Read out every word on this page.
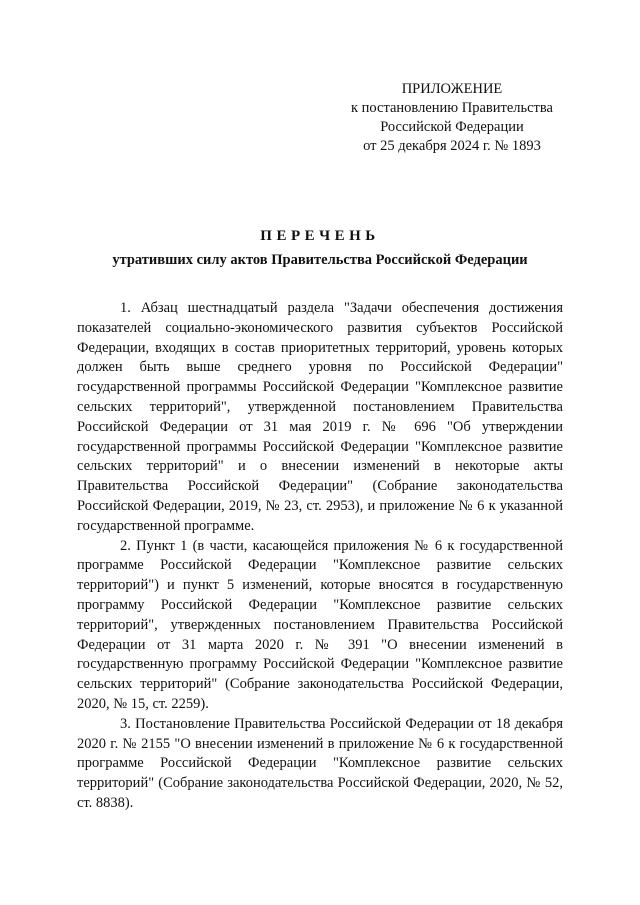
ПРИЛОЖЕНИЕ
к постановлению Правительства
Российской Федерации
от 25 декабря 2024 г. № 1893
ПЕРЕЧЕНЬ
утративших силу актов Правительства Российской Федерации

1. Абзац шестнадцатый раздела "Задачи обеспечения достижения показателей социально-экономического развития субъектов Российской Федерации, входящих в состав приоритетных территорий, уровень которых должен быть выше среднего уровня по Российской Федерации" государственной программы Российской Федерации "Комплексное развитие сельских территорий", утвержденной постановлением Правительства Российской Федерации от 31 мая 2019 г. № 696 "Об утверждении государственной программы Российской Федерации "Комплексное развитие сельских территорий" и о внесении изменений в некоторые акты Правительства Российской Федерации" (Собрание законодательства Российской Федерации, 2019, № 23, ст. 2953), и приложение № 6 к указанной государственной программе.

2. Пункт 1 (в части, касающейся приложения № 6 к государственной программе Российской Федерации "Комплексное развитие сельских территорий") и пункт 5 изменений, которые вносятся в государственную программу Российской Федерации "Комплексное развитие сельских территорий", утвержденных постановлением Правительства Российской Федерации от 31 марта 2020 г. № 391 "О внесении изменений в государственную программу Российской Федерации "Комплексное развитие сельских территорий" (Собрание законодательства Российской Федерации, 2020, № 15, ст. 2259).

3. Постановление Правительства Российской Федерации от 18 декабря 2020 г. № 2155 "О внесении изменений в приложение № 6 к государственной программе Российской Федерации "Комплексное развитие сельских территорий" (Собрание законодательства Российской Федерации, 2020, № 52, ст. 8838).
